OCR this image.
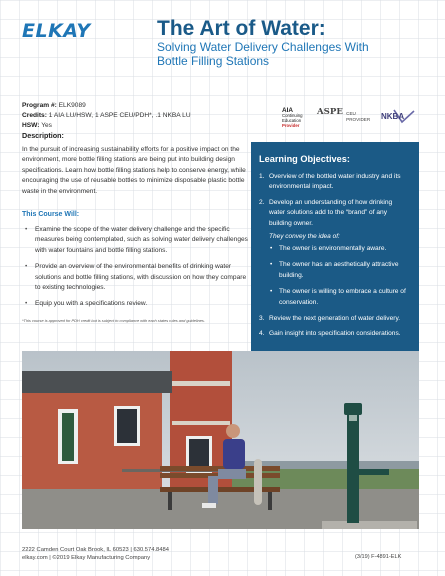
ELKAY	The Art of Water:
Solving Water Delivery Challenges With Bottle Filling Stations
Program #: ELK9089
Credits: 1 AIA LU/HSW, 1 ASPE CEU/PDH*, .1 NKBA LU
HSW: Yes
Description:
In the pursuit of increasing sustainability efforts for a positive impact on the environment, more bottle filling stations are being put into building design specifications. Learn how bottle filling stations help to conserve energy, while encouraging the use of reusable bottles to minimize disposable plastic bottle waste in the environment.
This Course Will:
• Examine the scope of the water delivery challenge and the specific measures being contemplated, such as solving water delivery challenges with water fountains and bottle filling stations.
• Provide an overview of the environmental benefits of drinking water solutions and bottle filling stations, with discussion on how they compare to existing technologies.
• Equip you with a specifications review.
*This course is approved for PDH credit but is subject to compliance with each states rules and guidelines.
AIA
Continuing
Education
Provider
ASPE CEU
PROVIDER	NKBA
Learning Objectives:
1. Overview of the bottled water industry and its environmental impact.
2. Develop an understanding of how drinking water solutions add to the “brand” of any building owner.
They convey the idea of:
• The owner is environmentally aware.
• The owner has an aesthetically attractive building.
• The owner is willing to embrace a culture of conservation.
3. Review the next generation of water delivery.
4. Gain insight into specification considerations.
2222 Camden Court Oak Brook, IL 60523 | 630.574.8484
elkay.com | ©2019 Elkay Manufacturing Company	(3/19) F-4891-ELK
